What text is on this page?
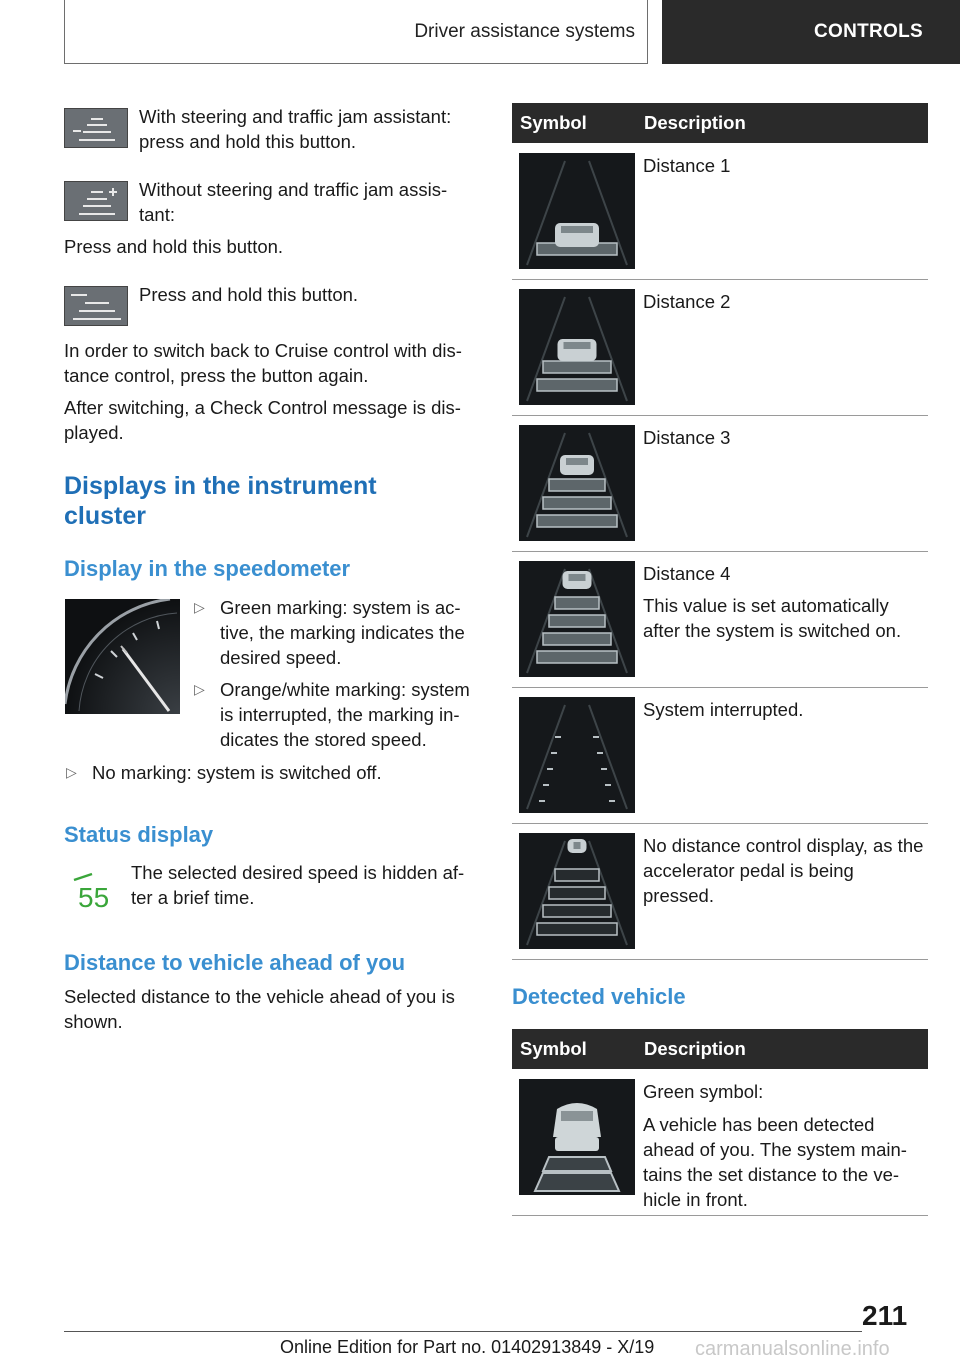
Driver assistance systems	CONTROLS
With steering and traffic jam assistant: press and hold this button.
Without steering and traffic jam assis-tant:
Press and hold this button.
Press and hold this button.
In order to switch back to Cruise control with dis-tance control, press the button again.
After switching, a Check Control message is dis-played.
Displays in the instrument cluster
Display in the speedometer
▷ Green marking: system is ac-tive, the marking indicates the desired speed.
▷ Orange/white marking: system is interrupted, the marking in-dicates the stored speed.
▷ No marking: system is switched off.
Status display
55
The selected desired speed is hidden af-ter a brief time.
Distance to vehicle ahead of you
Selected distance to the vehicle ahead of you is shown.
Symbol	Description
Distance 1
Distance 2
Distance 3
Distance 4
This value is set automatically after the system is switched on.
System interrupted.
No distance control display, as the accelerator pedal is being pressed.
Detected vehicle
Symbol	Description
Green symbol:
A vehicle has been detected ahead of you. The system main-tains the set distance to the ve-hicle in front.
211
Online Edition for Part no. 01402913849 - X/19	carmanualsonline.info
